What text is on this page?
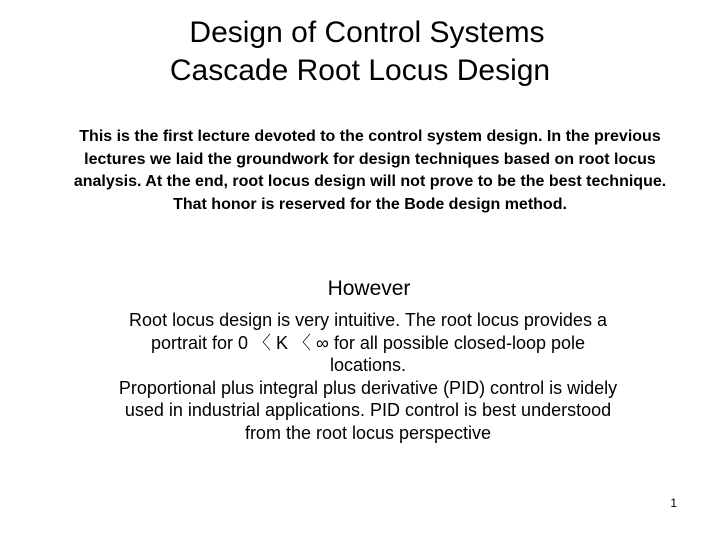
Design of Control Systems
Cascade Root Locus Design
This is the first lecture devoted to the control system design. In the previous lectures we laid the groundwork for design techniques based on root locus analysis. At the end, root locus design will not prove to be the best technique. That honor is reserved for the Bode design method.
However
Root locus design is very intuitive. The root locus provides a portrait for 0 〈 K 〈 ∞ for all possible closed-loop pole locations.
Proportional plus integral plus derivative (PID) control is widely used in industrial applications. PID control is best understood from the root locus perspective
1
